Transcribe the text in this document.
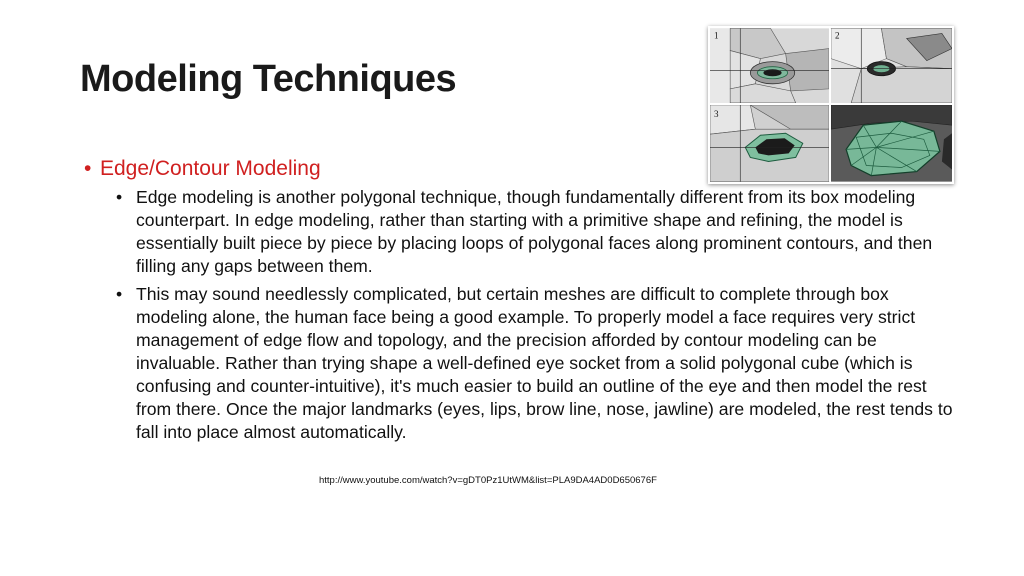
Modeling Techniques
1	2
3
• Edge/Contour Modeling
• Edge modeling is another polygonal technique, though fundamentally different from its box modeling counterpart. In edge modeling, rather than starting with a primitive shape and refining, the model is essentially built piece by piece by placing loops of polygonal faces along prominent contours, and then filling any gaps between them.
• This may sound needlessly complicated, but certain meshes are difficult to complete through box modeling alone, the human face being a good example. To properly model a face requires very strict management of edge flow and topology, and the precision afforded by contour modeling can be invaluable. Rather than trying shape a well-defined eye socket from a solid polygonal cube (which is confusing and counter-intuitive), it's much easier to build an outline of the eye and then model the rest from there. Once the major landmarks (eyes, lips, brow line, nose, jawline) are modeled, the rest tends to fall into place almost automatically.
http://www.youtube.com/watch?v=gDT0Pz1UtWM&list=PLA9DA4AD0D650676F
